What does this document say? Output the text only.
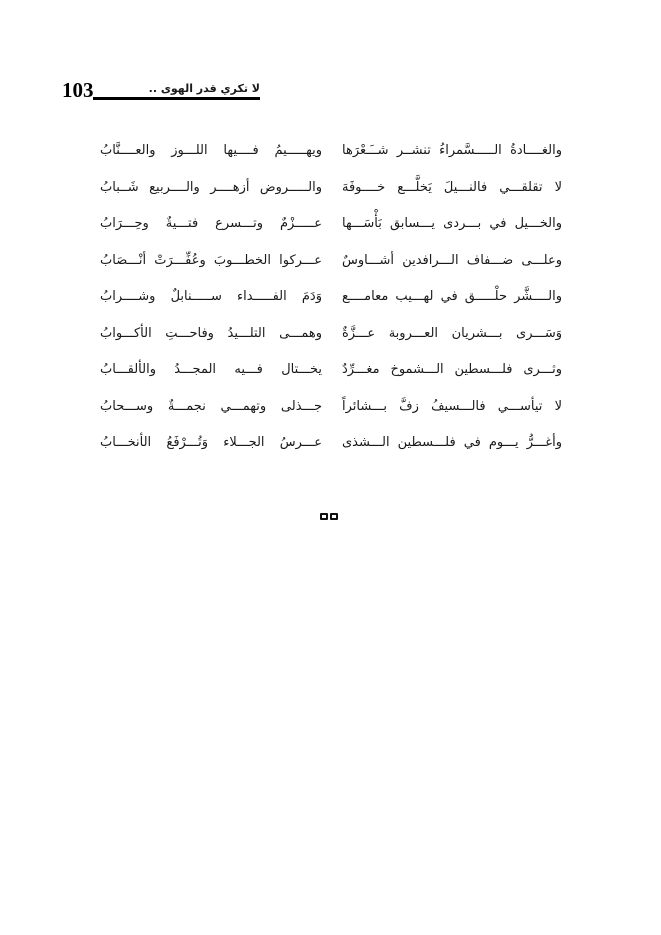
103	لا تكري قدر الهوى ..
والغــــادةُ الـــــسَّمراءُ تنشــر شــَـعْرَها
ويهـــــيمُ فــــيها اللـــوز والعــــنَّابُ
لا تقلقـــي فالنـــيلَ يَخلَّـــع خــــوفَهَ
والـــــروض أزهــــر والــــربيع شَــبابُ
والخـــيل في بـــردى يـــسابق بَأْسَـــها
عـــــزْمٌ وتـــسرع فتـــيةٌ وحِـــرَابُ
وعلـــى ضـــفاف الـــرافدين أشـــاوسٌ
عـــركوا الخطـــوبَ وعُفِّـــرَتْ أنْـــصَابُ
والــــشَّر حلْـــــق في لهـــيب معامــــع
وَدَمَ الفـــــداء ســـــنابلٌ وشــــرابُ
وَسَـــرى بـــشريان العـــروبة عـــزَّةٌ
وهمـــى التلـــيدُ وفاحـــتِ الأكـــوابُ
وثـــرى فلـــسطين الـــشموخ مغـــرِّدٌ
يخـــتال فـــيه المجـــدُ والألقـــابُ
لا تيأســـي فالـــسيفُ زفَّ بـــشائراً
جـــذلى وتهمـــي نجمـــةٌ وســـحابُ
وأغـــرُّ يـــوم في فلـــسطين الـــشذى
عـــرسُ الجـــلاء وَتُـــرْفَعُ الأنخـــابُ
